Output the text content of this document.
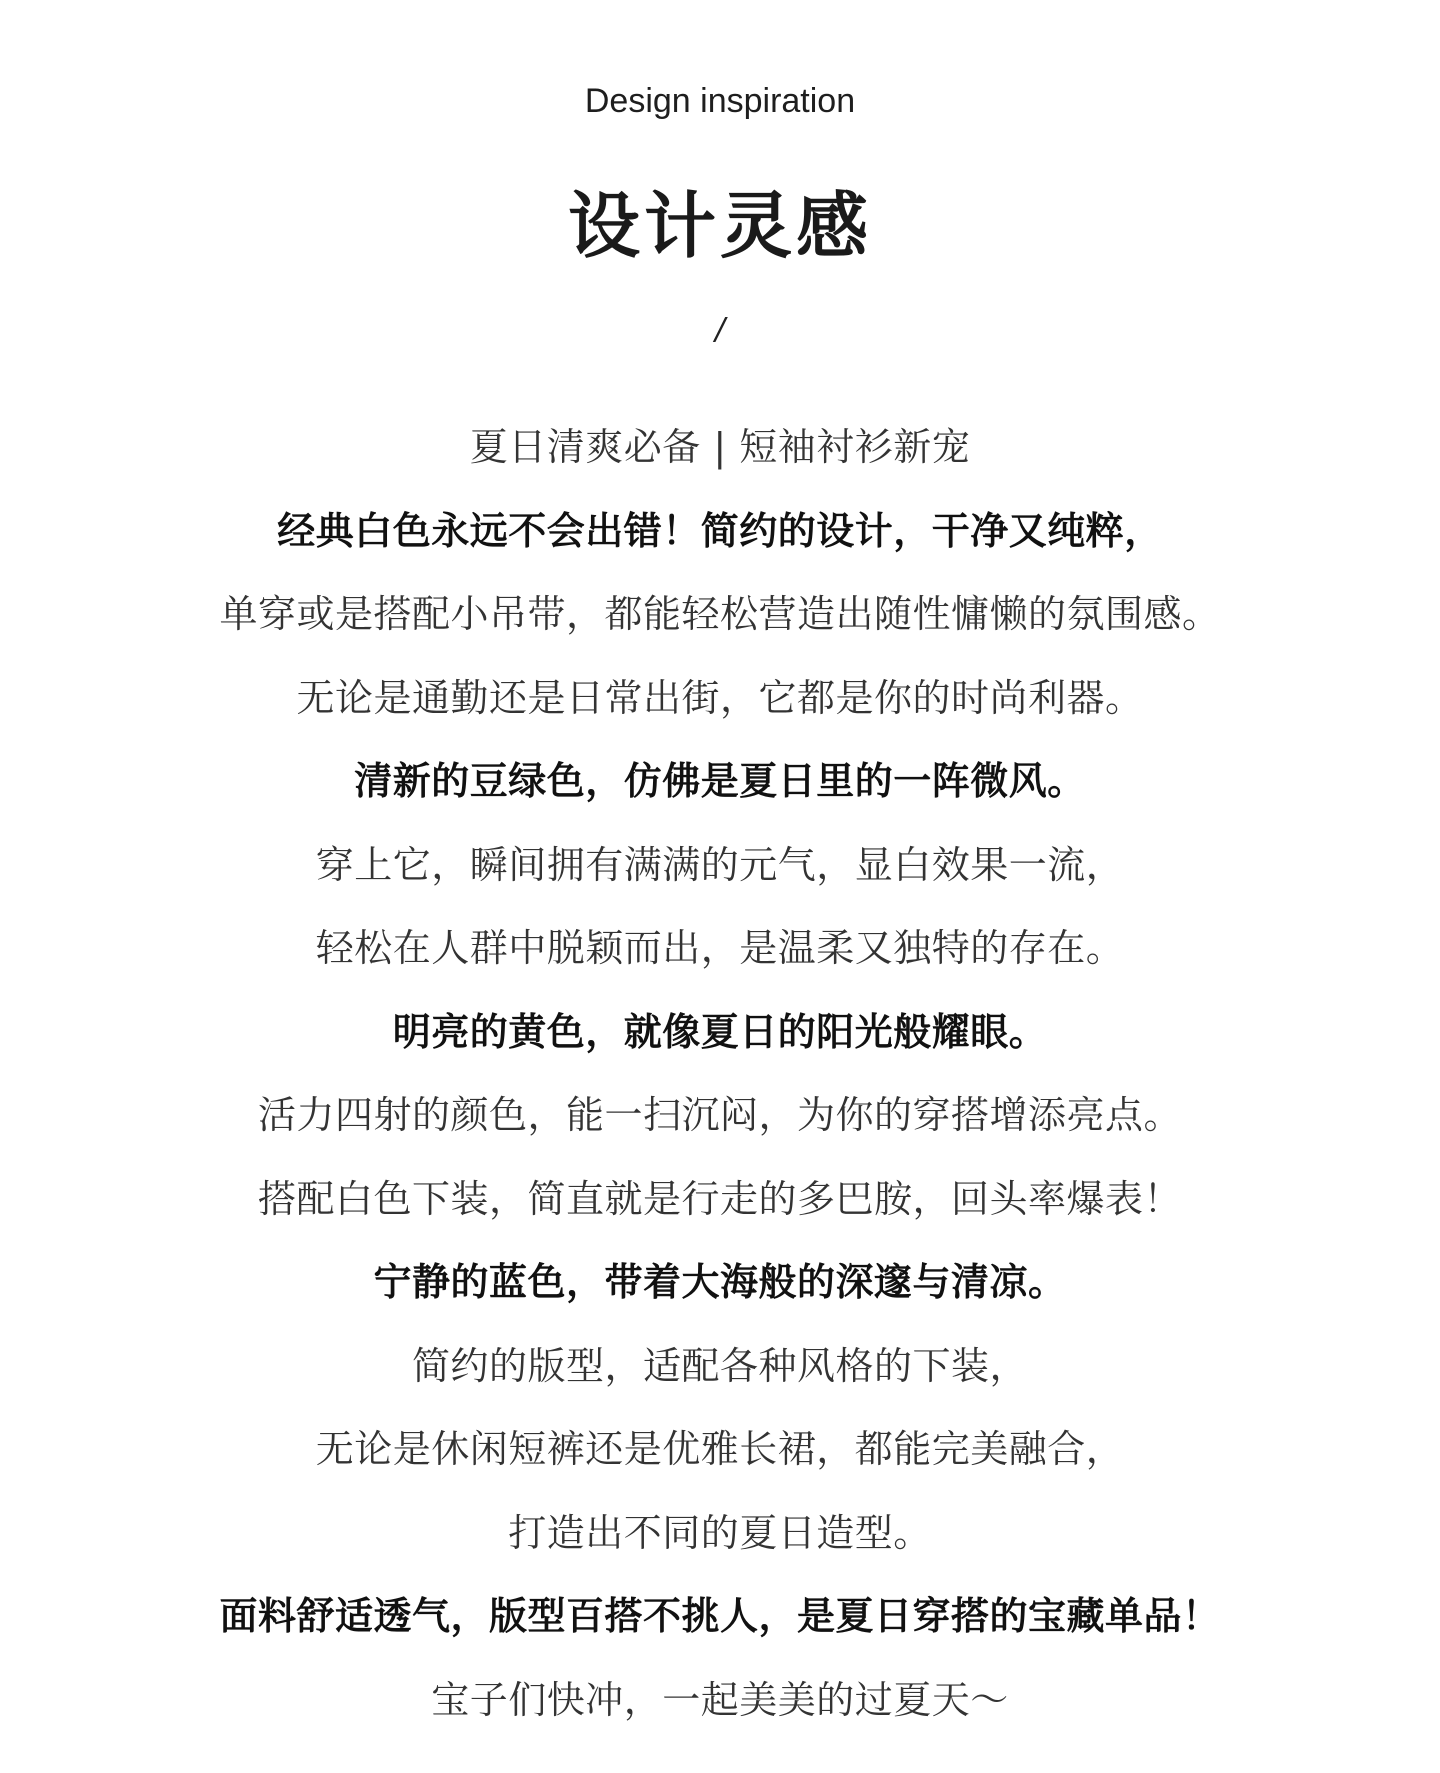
Design inspiration
设计灵感
/
夏日清爽必备 | 短袖衬衫新宠
经典白色永远不会出错！简约的设计，干净又纯粹，
单穿或是搭配小吊带，都能轻松营造出随性慵懒的氛围感。
无论是通勤还是日常出街，它都是你的时尚利器。
清新的豆绿色，仿佛是夏日里的一阵微风。
穿上它，瞬间拥有满满的元气，显白效果一流，
轻松在人群中脱颖而出，是温柔又独特的存在。
明亮的黄色，就像夏日的阳光般耀眼。
活力四射的颜色，能一扫沉闷，为你的穿搭增添亮点。
搭配白色下装，简直就是行走的多巴胺，回头率爆表！
宁静的蓝色，带着大海般的深邃与清凉。
简约的版型，适配各种风格的下装，
无论是休闲短裤还是优雅长裙，都能完美融合，
打造出不同的夏日造型。
面料舒适透气，版型百搭不挑人，是夏日穿搭的宝藏单品！
宝子们快冲，一起美美的过夏天～
